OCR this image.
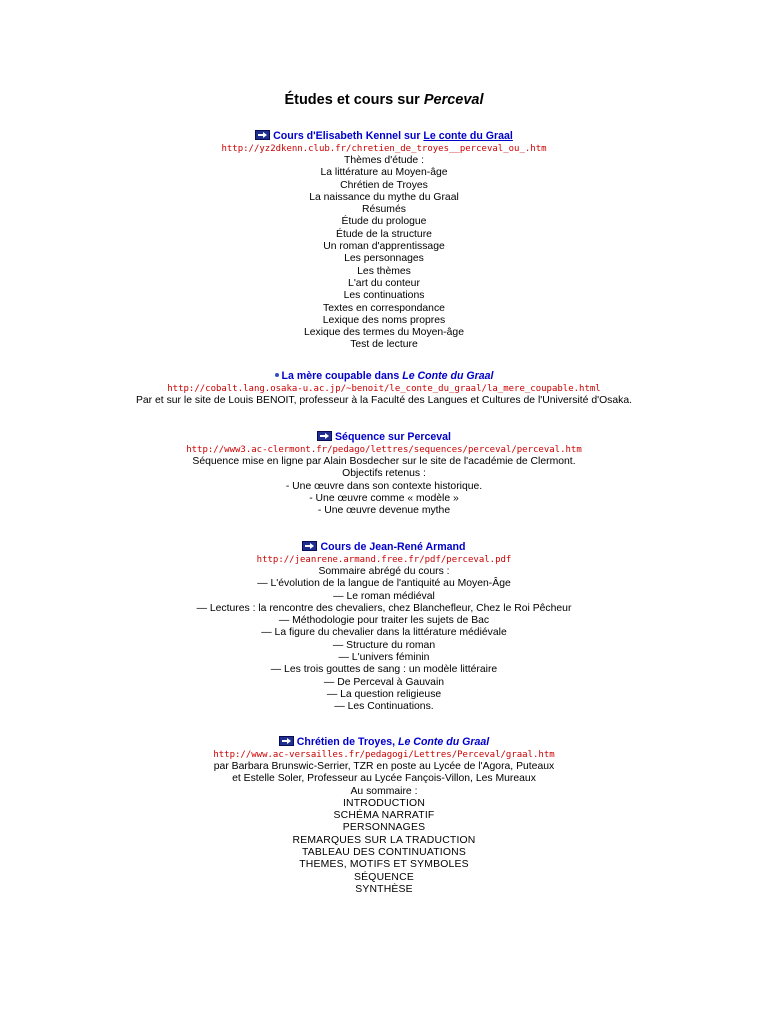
Études et cours sur Perceval
Cours d'Elisabeth Kennel sur Le conte du Graal
http://yz2dkenn.club.fr/chretien_de_troyes__perceval_ou_.htm
Thèmes d'étude :
La littérature au Moyen-âge
Chrétien de Troyes
La naissance du mythe du Graal
Résumés
Étude du prologue
Étude de la structure
Un roman d'apprentissage
Les personnages
Les thèmes
L'art du conteur
Les continuations
Textes en correspondance
Lexique des noms propres
Lexique des termes du Moyen-âge
Test de lecture
La mère coupable dans Le Conte du Graal
http://cobalt.lang.osaka-u.ac.jp/~benoit/le_conte_du_graal/la_mere_coupable.html
Par et sur le site de Louis BENOIT, professeur à la Faculté des Langues et Cultures de l'Université d'Osaka.
Séquence sur Perceval
http://www3.ac-clermont.fr/pedago/lettres/sequences/perceval/perceval.htm
Séquence mise en ligne par Alain Bosdecher sur le site de l'académie de Clermont.
Objectifs retenus :
- Une œuvre dans son contexte historique.
- Une œuvre comme « modèle »
- Une œuvre devenue mythe
Cours de Jean-René Armand
http://jeanrene.armand.free.fr/pdf/perceval.pdf
Sommaire abrégé du cours :
— L'évolution de la langue de l'antiquité au Moyen-Âge
— Le roman médiéval
— Lectures : la rencontre des chevaliers, chez Blanchefleur, Chez le Roi Pêcheur
— Méthodologie pour traiter les sujets de Bac
— La figure du chevalier dans la littérature médiévale
— Structure du roman
— L'univers féminin
— Les trois gouttes de sang : un modèle littéraire
— De Perceval à Gauvain
— La question religieuse
— Les Continuations.
Chrétien de Troyes, Le Conte du Graal
http://www.ac-versailles.fr/pedagogi/Lettres/Perceval/graal.htm
par Barbara Brunswic-Serrier, TZR en poste au Lycée de l'Agora, Puteaux
et Estelle Soler, Professeur au Lycée Fançois-Villon, Les Mureaux
Au sommaire :
INTRODUCTION
SCHÉMA NARRATIF
PERSONNAGES
REMARQUES SUR LA TRADUCTION
TABLEAU DES CONTINUATIONS
THEMES, MOTIFS ET SYMBOLES
SÉQUENCE
SYNTHÈSE
